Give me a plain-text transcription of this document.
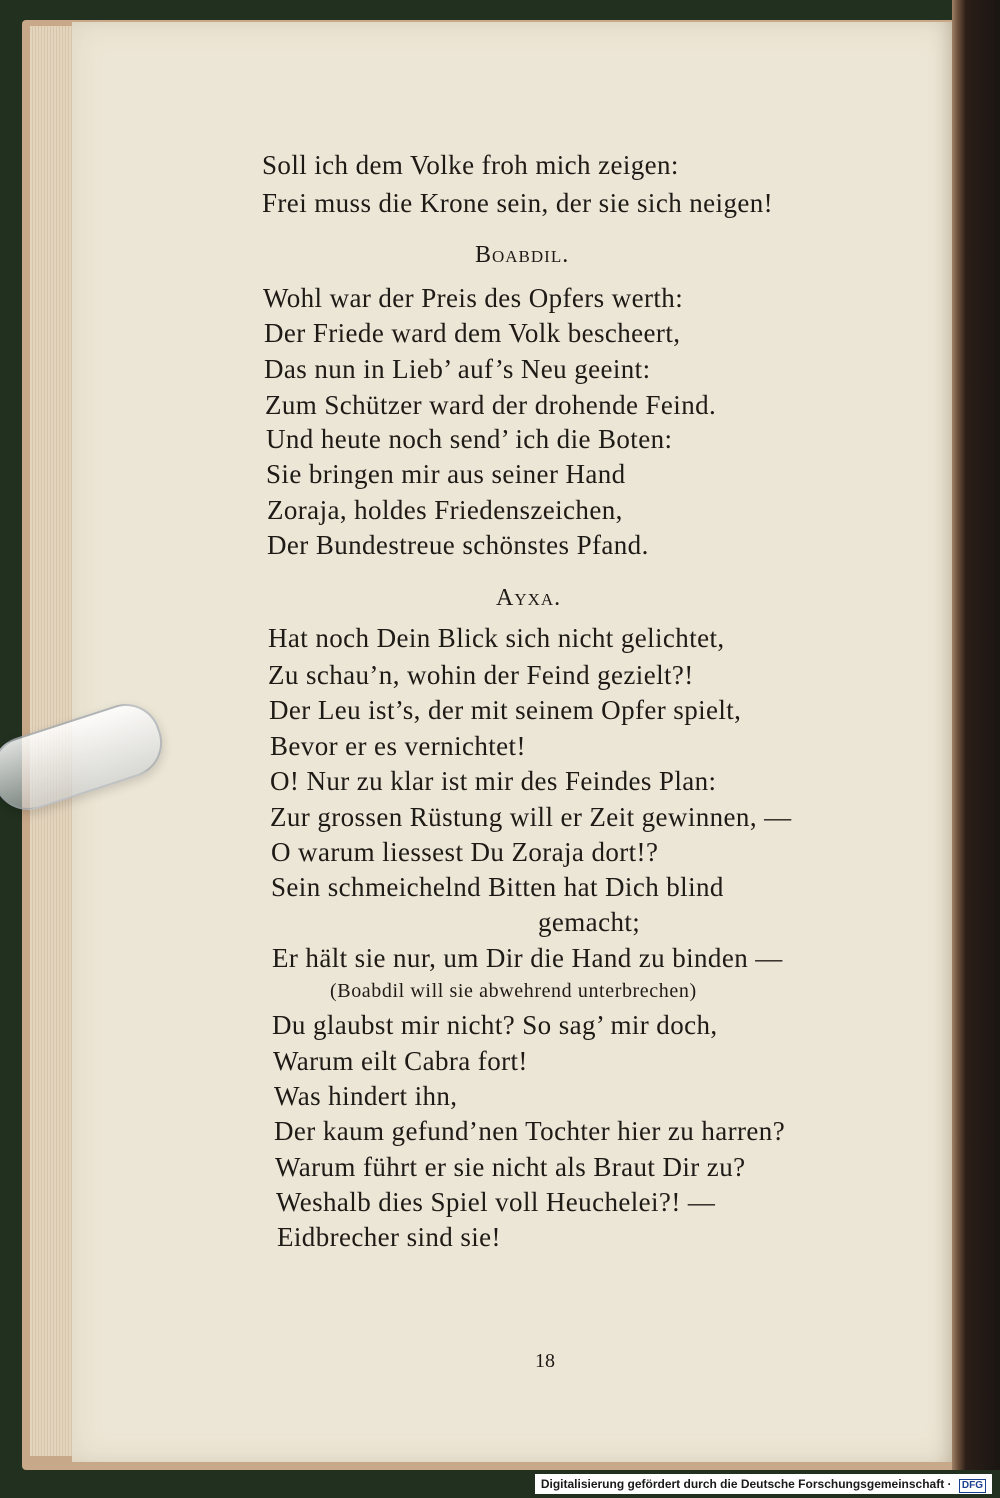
Soll ich dem Volke froh mich zeigen:
Frei muss die Krone sein, der sie sich neigen!
Boabdil.
Wohl war der Preis des Opfers werth:
Der Friede ward dem Volk bescheert,
Das nun in Lieb’ auf’s Neu geeint:
Zum Schützer ward der drohende Feind.
Und heute noch send’ ich die Boten:
Sie bringen mir aus seiner Hand
Zoraja, holdes Friedenszeichen,
Der Bundestreue schönstes Pfand.
Ayxa.
Hat noch Dein Blick sich nicht gelichtet,
Zu schau’n, wohin der Feind gezielt?!
Der Leu ist’s, der mit seinem Opfer spielt,
Bevor er es vernichtet!
O! Nur zu klar ist mir des Feindes Plan:
Zur grossen Rüstung will er Zeit gewinnen, —
O warum liessest Du Zoraja dort!?
Sein schmeichelnd Bitten hat Dich blind
gemacht;
Er hält sie nur, um Dir die Hand zu binden —
(Boabdil will sie abwehrend unterbrechen)
Du glaubst mir nicht? So sag’ mir doch,
Warum eilt Cabra fort!
Was hindert ihn,
Der kaum gefund’nen Tochter hier zu harren?
Warum führt er sie nicht als Braut Dir zu?
Weshalb dies Spiel voll Heuchelei?! —
Eidbrecher sind sie!
18
Digitalisierung gefördert durch die Deutsche Forschungsgemeinschaft · DFG
